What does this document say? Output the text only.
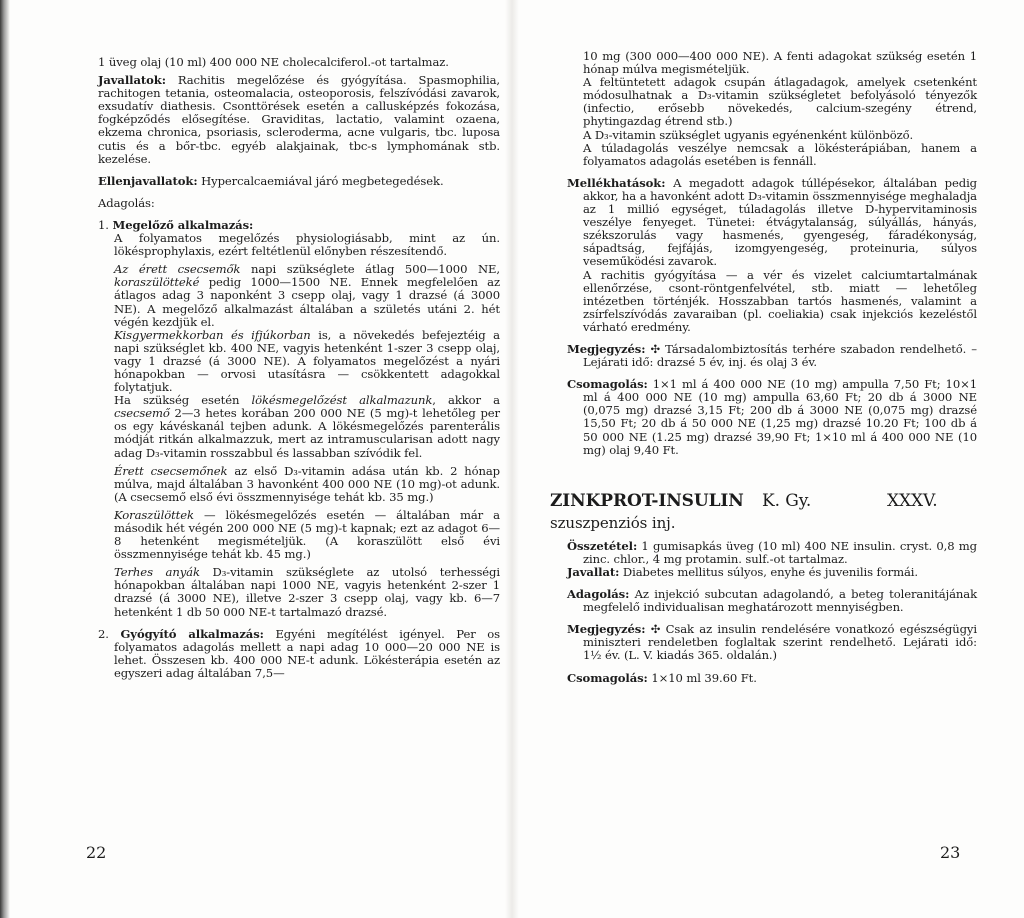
1 üveg olaj (10 ml) 400 000 NE cholecalciferol.-ot tartalmaz.

Javallatok: Rachitis megelőzése és gyógyítása. Spasmophilia, rachitogen tetania, osteomalacia, osteoporosis, felszívódási zavarok, exsudatív diathesis. Csonttörések esetén a callusképzés fokozása, fogképződés elősegítése. Graviditas, lactatio, valamint ozaena, ekzema chronica, psoriasis, scleroderma, acne vulgaris, tbc. luposa cutis és a bőr-tbc. egyéb alakjainak, tbc-s lymphomának stb. kezelése.

Ellenjavallatok: Hypercalcaemiával járó megbetegedések.

Adagolás:

1. Megelőző alkalmazás:

A folyamatos megelőzés physiologiásabb, mint az ún. lökésprophylaxis, ezért feltétlenül előnyben részesítendő.

Az érett csecsemők napi szükséglete átlag 500—1000 NE, koraszülötteké pedig 1000—1500 NE. Ennek megfelelően az átlagos adag 3 naponként 3 csepp olaj, vagy 1 drazsé (á 3000 NE). A megelőző alkalmazást általában a születés utáni 2. hét végén kezdjük el.

Kisgyermekkorban és ifjúkorban is, a növekedés befejeztéig a napi szükséglet kb. 400 NE, vagyis hetenként 1-szer 3 csepp olaj, vagy 1 drazsé (á 3000 NE). A folyamatos megelőzést a nyári hónapokban — orvosi utasításra — csökkentett adagokkal folytatjuk.

Ha szükség esetén lökésmegelőzést alkalmazunk, akkor a csecsemő 2—3 hetes korában 200 000 NE (5 mg)-t lehetőleg per os egy kávéskanál tejben adunk. A lökésmegelőzés parenterális módját ritkán alkalmazzuk, mert az intramuscularisan adott nagy adag D₃-vitamin rosszabbul és lassabban szívódik fel.

Érett csecsemőnek az első D₃-vitamin adása után kb. 2 hónap múlva, majd általában 3 havonként 400 000 NE (10 mg)-ot adunk. (A csecsemő első évi összmennyisége tehát kb. 35 mg.)

Koraszülöttek — lökésmegelőzés esetén — általában már a második hét végén 200 000 NE (5 mg)-t kapnak; ezt az adagot 6—8 hetenként megismételjük. (A koraszülött első évi összmennyisége tehát kb. 45 mg.)

Terhes anyák D₃-vitamin szükséglete az utolsó terhességi hónapokban általában napi 1000 NE, vagyis hetenként 2-szer 1 drazsé (á 3000 NE), illetve 2-szer 3 csepp olaj, vagy kb. 6—7 hetenként 1 db 50 000 NE-t tartalmazó drazsé.

2. Gyógyító alkalmazás: Egyéni megítélést igényel. Per os folyamatos adagolás mellett a napi adag 10 000—20 000 NE is lehet. Összesen kb. 400 000 NE-t adunk. Lökésterápia esetén az egyszeri adag általában 7,5—

22

10 mg (300 000—400 000 NE). A fenti adagokat szükség esetén 1 hónap múlva megismételjük.

A feltüntetett adagok csupán átlagadagok, amelyek csetenként módosulhatnak a D₃-vitamin szükségletet befolyásoló tényezők (infectio, erősebb növekedés, calcium-szegény étrend, phytingazdag étrend stb.)

A D₃-vitamin szükséglet ugyanis egyénenként különböző.

A túladagolás veszélye nemcsak a lökésterápiában, hanem a folyamatos adagolás esetében is fennáll.

Mellékhatások: A megadott adagok túllépésekor, általában pedig akkor, ha a havonként adott D₃-vitamin összmennyisége meghaladja az 1 millió egységet, túladagolás illetve D-hypervitaminosis veszélye fenyeget. Tünetei: étvágytalanság, súlyállás, hányás, székszorulás vagy hasmenés, gyengeség, fáradékonyság, sápadtság, fejfájás, izomgyengeség, proteinuria, súlyos veseműködési zavarok.

A rachitis gyógyítása — a vér és vizelet calciumtartalmának ellenőrzése, csont-röntgenfelvétel, stb. miatt — lehetőleg intézetben történjék. Hosszabban tartós hasmenés, valamint a zsírfelszívódás zavaraiban (pl. coeliakia) csak injekciós kezeléstől várható eredmény.

Megjegyzés: ✣ Társadalombiztosítás terhére szabadon rendelhető. – Lejárati idő: drazsé 5 év, inj. és olaj 3 év.

Csomagolás: 1×1 ml á 400 000 NE (10 mg) ampulla 7,50 Ft; 10×1 ml á 400 000 NE (10 mg) ampulla 63,60 Ft; 20 db á 3000 NE (0,075 mg) drazsé 3,15 Ft; 200 db á 3000 NE (0,075 mg) drazsé 15,50 Ft; 20 db á 50 000 NE (1,25 mg) drazsé 10.20 Ft; 100 db á 50 000 NE (1.25 mg) drazsé 39,90 Ft; 1×10 ml á 400 000 NE (10 mg) olaj 9,40 Ft.

ZINKPROT-INSULIN K. Gy.	XXXV.
szuszpenziós inj.

Összetétel: 1 gumisapkás üveg (10 ml) 400 NE insulin. cryst. 0,8 mg zinc. chlor., 4 mg protamin. sulf.-ot tartalmaz.

Javallat: Diabetes mellitus súlyos, enyhe és juvenilis formái.

Adagolás: Az injekció subcutan adagolandó, a beteg toleranitájának megfelelő individualisan meghatározott mennyiségben.

Megjegyzés: ✣ Csak az insulin rendelésére vonatkozó egészségügyi miniszteri rendeletben foglaltak szerint rendelhető. Lejárati idő: 1½ év. (L. V. kiadás 365. oldalán.)

Csomagolás: 1×10 ml 39.60 Ft.

23
